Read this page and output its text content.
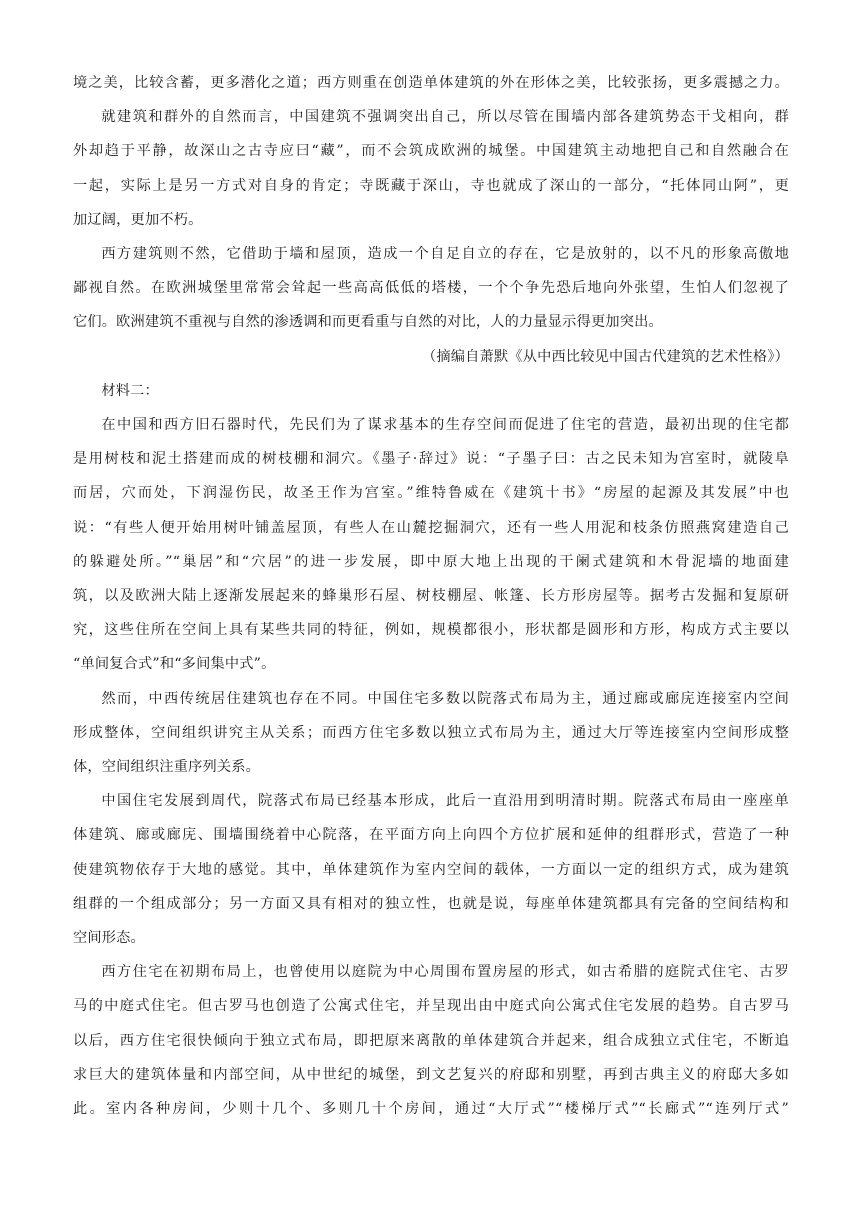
境之美，比较含蓄，更多潜化之道；西方则重在创造单体建筑的外在形体之美，比较张扬，更多震撼之力。
就建筑和群外的自然而言，中国建筑不强调突出自己，所以尽管在围墙内部各建筑势态干戈相向，群
外却趋于平静，故深山之古寺应曰“藏”，而不会筑成欧洲的城堡。中国建筑主动地把自己和自然融合在
一起，实际上是另一方式对自身的肯定；寺既藏于深山，寺也就成了深山的一部分，“托体同山阿”，更
加辽阔，更加不朽。
西方建筑则不然，它借助于墙和屋顶，造成一个自足自立的存在，它是放射的，以不凡的形象高傲地
鄙视自然。在欧洲城堡里常常会耸起一些高高低低的塔楼，一个个争先恐后地向外张望，生怕人们忽视了
它们。欧洲建筑不重视与自然的渗透调和而更看重与自然的对比，人的力量显示得更加突出。
（摘编自萧默《从中西比较见中国古代建筑的艺术性格》）
材料二：
在中国和西方旧石器时代，先民们为了谋求基本的生存空间而促进了住宅的营造，最初出现的住宅都
是用树枝和泥土搭建而成的树枝棚和洞穴。《墨子·辞过》说：“子墨子曰：古之民未知为宫室时，就陵阜
而居，穴而处，下润湿伤民，故圣王作为宫室。”维特鲁威在《建筑十书》“房屋的起源及其发展”中也
说：“有些人便开始用树叶铺盖屋顶，有些人在山麓挖掘洞穴，还有一些人用泥和枝条仿照燕窝建造自己
的躲避处所。”“巢居”和“穴居”的进一步发展，即中原大地上出现的干阑式建筑和木骨泥墙的地面建
筑，以及欧洲大陆上逐渐发展起来的蜂巢形石屋、树枝棚屋、帐篷、长方形房屋等。据考古发掘和复原研
究，这些住所在空间上具有某些共同的特征，例如，规模都很小，形状都是圆形和方形，构成方式主要以
“单间复合式”和“多间集中式”。
然而，中西传统居住建筑也存在不同。中国住宅多数以院落式布局为主，通过廊或廊庑连接室内空间
形成整体，空间组织讲究主从关系；而西方住宅多数以独立式布局为主，通过大厅等连接室内空间形成整
体，空间组织注重序列关系。
中国住宅发展到周代，院落式布局已经基本形成，此后一直沿用到明清时期。院落式布局由一座座单
体建筑、廊或廊庑、围墙围绕着中心院落，在平面方向上向四个方位扩展和延伸的组群形式，营造了一种
使建筑物依存于大地的感觉。其中，单体建筑作为室内空间的载体，一方面以一定的组织方式，成为建筑
组群的一个组成部分；另一方面又具有相对的独立性，也就是说，每座单体建筑都具有完备的空间结构和
空间形态。
西方住宅在初期布局上，也曾使用以庭院为中心周围布置房屋的形式，如古希腊的庭院式住宅、古罗
马的中庭式住宅。但古罗马也创造了公寓式住宅，并呈现出由中庭式向公寓式住宅发展的趋势。自古罗马
以后，西方住宅很快倾向于独立式布局，即把原来离散的单体建筑合并起来，组合成独立式住宅，不断追
求巨大的建筑体量和内部空间，从中世纪的城堡，到文艺复兴的府邸和别墅，再到古典主义的府邸大多如
此。室内各种房间，少则十几个、多则几十个房间，通过“大厅式”“楼梯厅式”“长廊式”“连列厅式”
